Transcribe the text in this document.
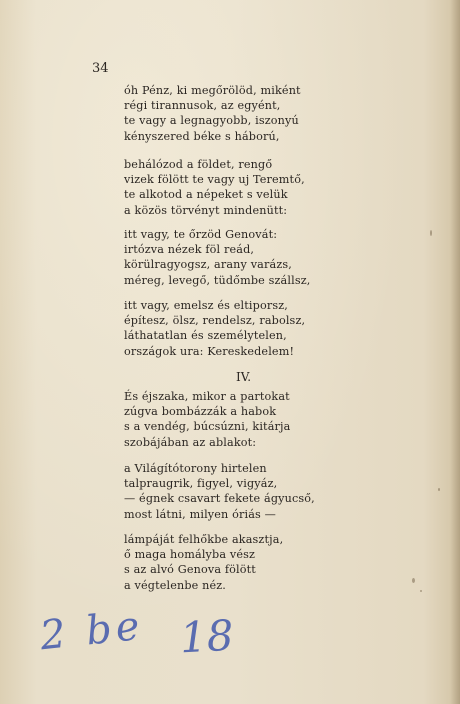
34
óh Pénz, ki megőrölöd, miként
régi tirannusok, az egyént,
te vagy a legnagyobb, iszonyú
kényszered béke s háború,
behálózod a földet, rengő
vizek fölött te vagy uj Teremtő,
te alkotod a népeket s velük
a közös törvényt mindenütt:
itt vagy, te őrzöd Genovát:
irtózva nézek föl reád,
körülragyogsz, arany varázs,
méreg, levegő, tüdőmbe szállsz,
itt vagy, emelsz és eltiporsz,
építesz, ölsz, rendelsz, rabolsz,
láthatatlan és személytelen,
országok ura: Kereskedelem!
IV.
És éjszaka, mikor a partokat
zúgva bombázzák a habok
s a vendég, búcsúzni, kitárja
szobájában az ablakot:
a Világítótorony hirtelen
talpraugrik, figyel, vigyáz,
— égnek csavart fekete ágyucső,
most látni, milyen óriás —
lámpáját felhőkbe akasztja,
ő maga homályba vész
s az alvó Genova fölött
a végtelenbe néz.
2 be 18
